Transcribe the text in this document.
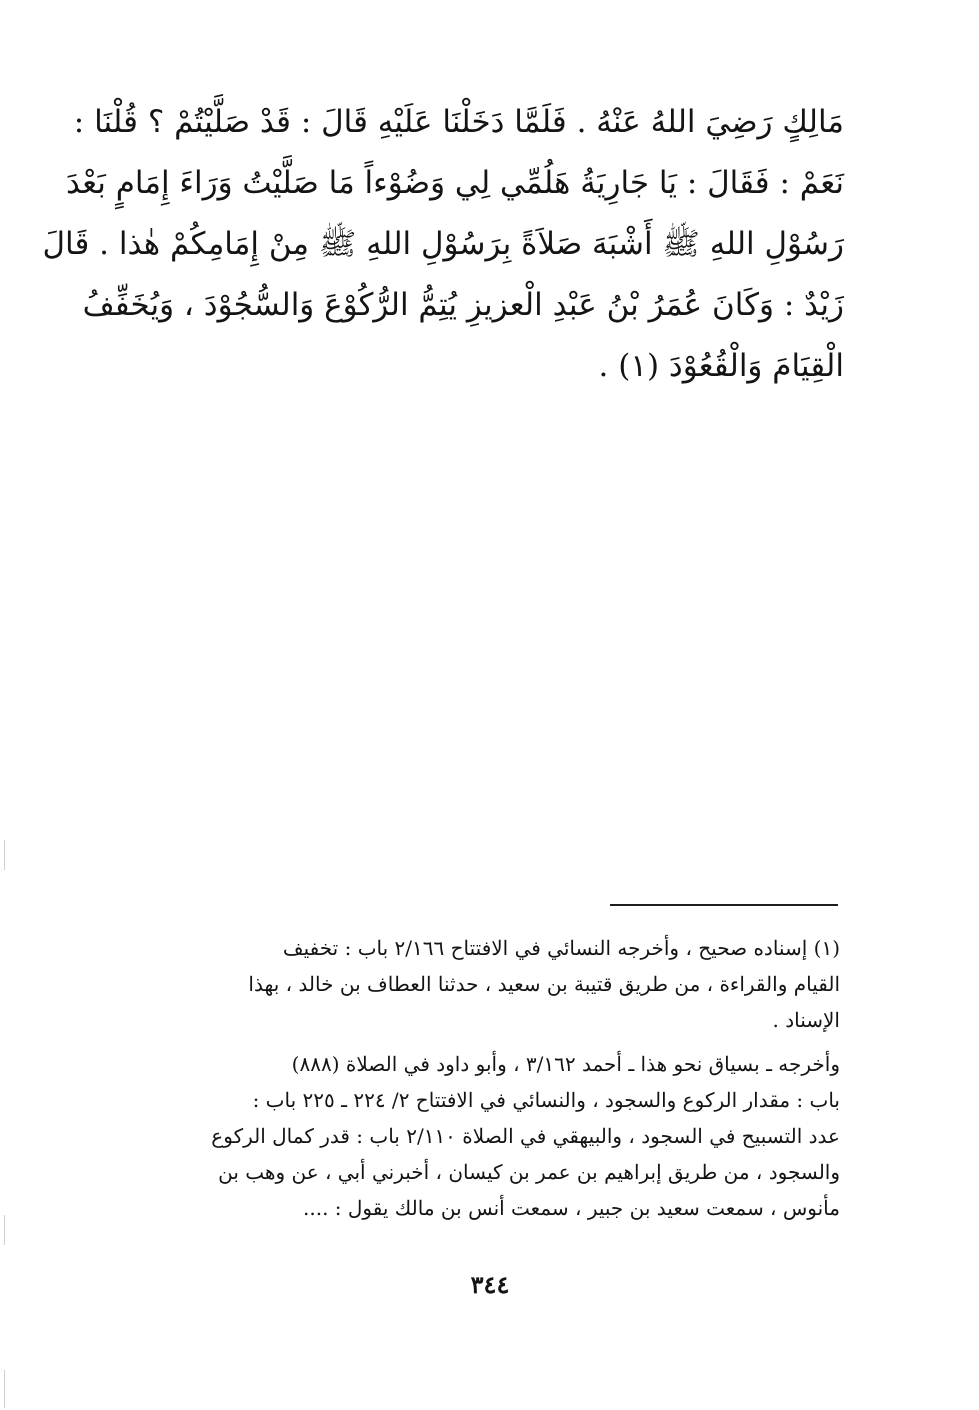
مَالِكٍ رَضِيَ اللهُ عَنْهُ . فَلَمَّا دَخَلْنَا عَلَيْهِ قَالَ : قَدْ صَلَّيْتُمْ ؟ قُلْنَا :
نَعَمْ : فَقَالَ : يَا جَارِيَةُ هَلُمِّي لِي وَضُوْءاً مَا صَلَّيْتُ وَرَاءَ إِمَامٍ بَعْدَ
رَسُوْلِ اللهِ ﷺ أَشْبَهَ صَلاَةً بِرَسُوْلِ اللهِ ﷺ مِنْ إِمَامِكُمْ هٰذا . قَالَ
زَيْدٌ : وَكَانَ عُمَرُ بْنُ عَبْدِ الْعزيزِ يُتِمُّ الرُّكُوْعَ وَالسُّجُوْدَ ، وَيُخَفِّفُ
الْقِيَامَ وَالْقُعُوْدَ (١) .
(١) إسناده صحيح ، وأخرجه النسائي في الافتتاح ٢/١٦٦ باب : تخفيف
القيام والقراءة ، من طريق قتيبة بن سعيد ، حدثنا العطاف بن خالد ، بهذا
الإسناد .
وأخرجه ـ بسياق نحو هذا ـ أحمد ٣/١٦٢ ، وأبو داود في الصلاة (٨٨٨)
باب : مقدار الركوع والسجود ، والنسائي في الافتتاح ٢/ ٢٢٤ ـ ٢٢٥ باب :
عدد التسبيح في السجود ، والبيهقي في الصلاة ٢/١١٠ باب : قدر كمال الركوع
والسجود ، من طريق إبراهيم بن عمر بن كيسان ، أخبرني أبي ، عن وهب بن
مأنوس ، سمعت سعيد بن جبير ، سمعت أنس بن مالك يقول : ....
٣٤٤
